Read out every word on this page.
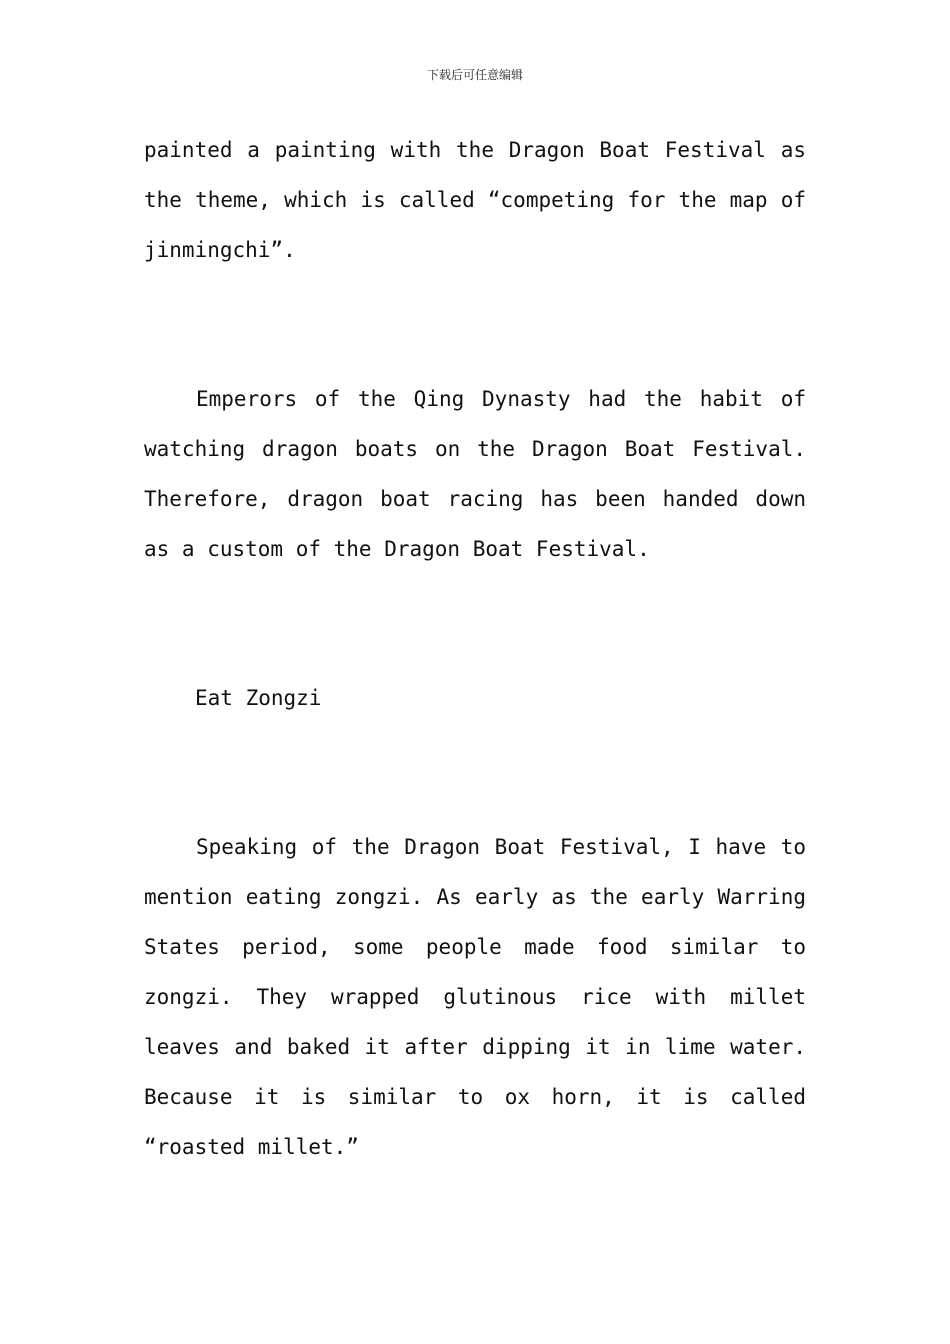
下载后可任意编辑

painted a painting with the Dragon Boat Festival as the theme, which is called “competing for the map of jinmingchi”.

Emperors of the Qing Dynasty had the habit of watching dragon boats on the Dragon Boat Festival. Therefore, dragon boat racing has been handed down as a custom of the Dragon Boat Festival.

Eat Zongzi

Speaking of the Dragon Boat Festival, I have to mention eating zongzi. As early as the early Warring States period, some people made food similar to zongzi. They wrapped glutinous rice with millet leaves and baked it after dipping it in lime water. Because it is similar to ox horn, it is called “roasted millet.”
